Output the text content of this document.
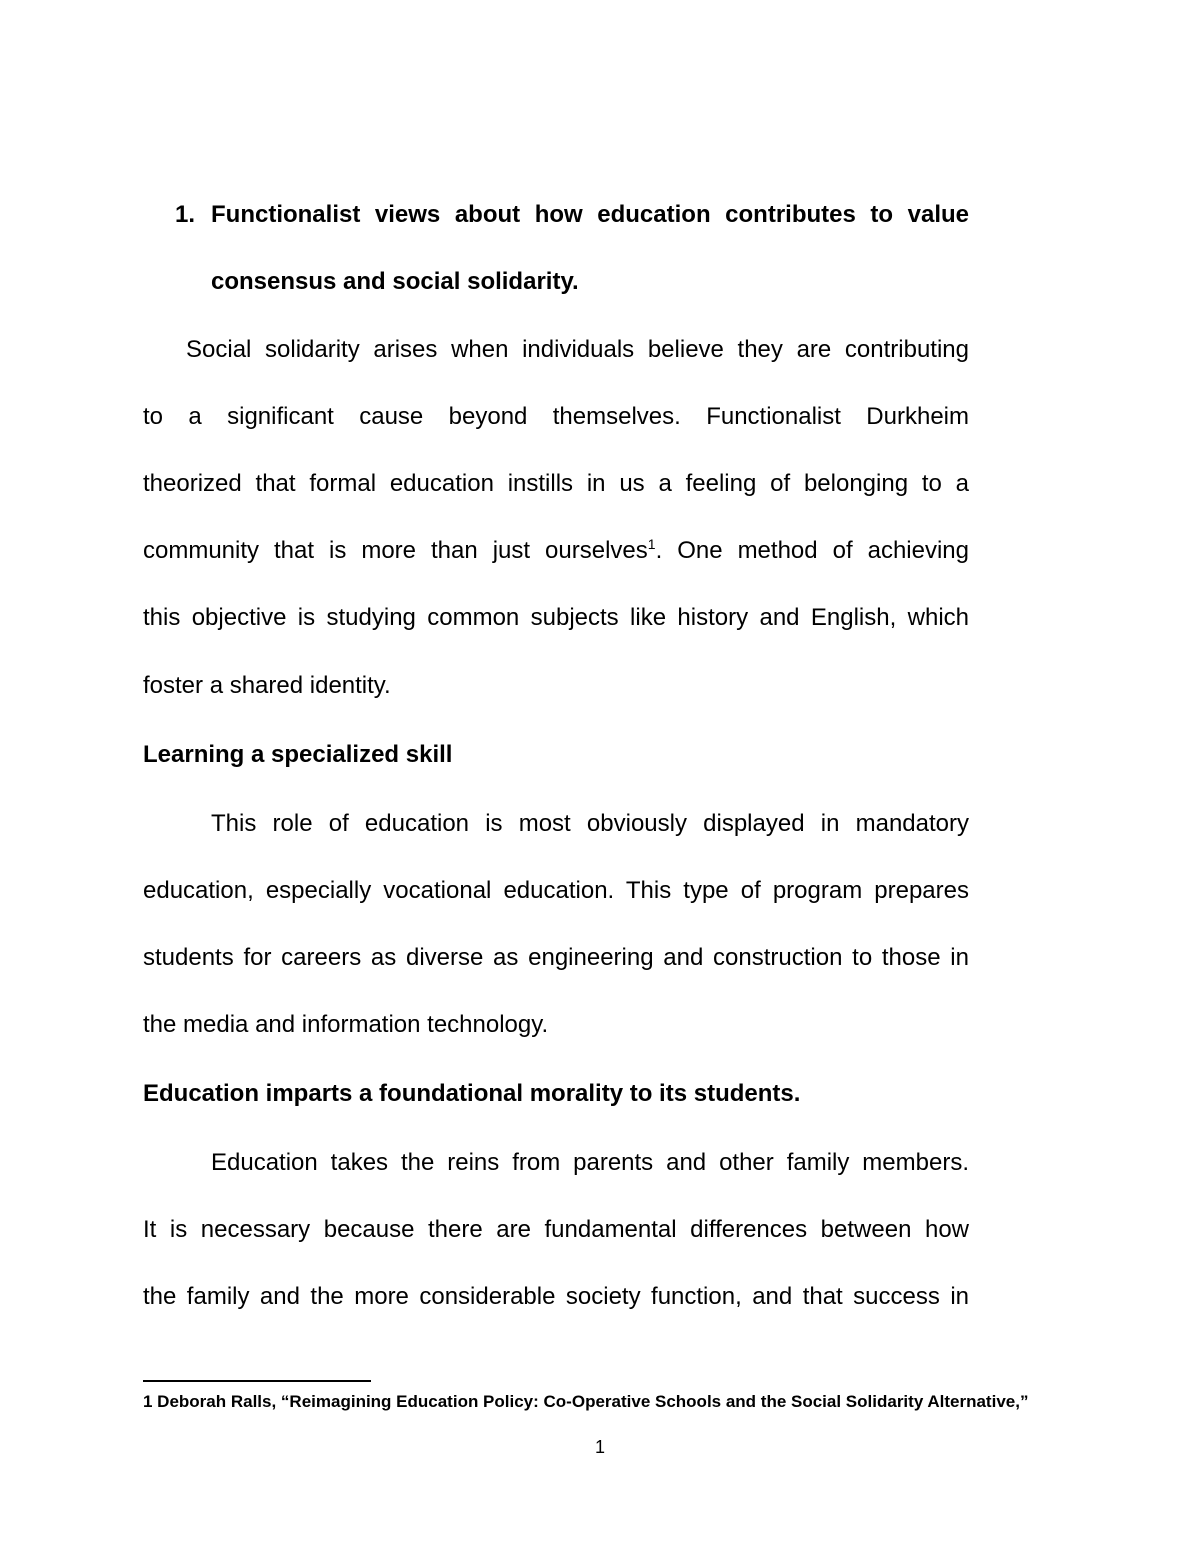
1. Functionalist views about how education contributes to value
consensus and social solidarity.
Social solidarity arises when individuals believe they are contributing
to a significant cause beyond themselves. Functionalist Durkheim
theorized that formal education instills in us a feeling of belonging to a
community that is more than just ourselves$^1$. One method of achieving
this objective is studying common subjects like history and English, which
foster a shared identity.
Learning a specialized skill
This role of education is most obviously displayed in mandatory
education, especially vocational education. This type of program prepares
students for careers as diverse as engineering and construction to those in
the media and information technology.
Education imparts a foundational morality to its students.
Education takes the reins from parents and other family members.
It is necessary because there are fundamental differences between how
the family and the more considerable society function, and that success in
1 Deborah Ralls, “Reimagining Education Policy: Co-Operative Schools and the Social Solidarity Alternative,”
1
